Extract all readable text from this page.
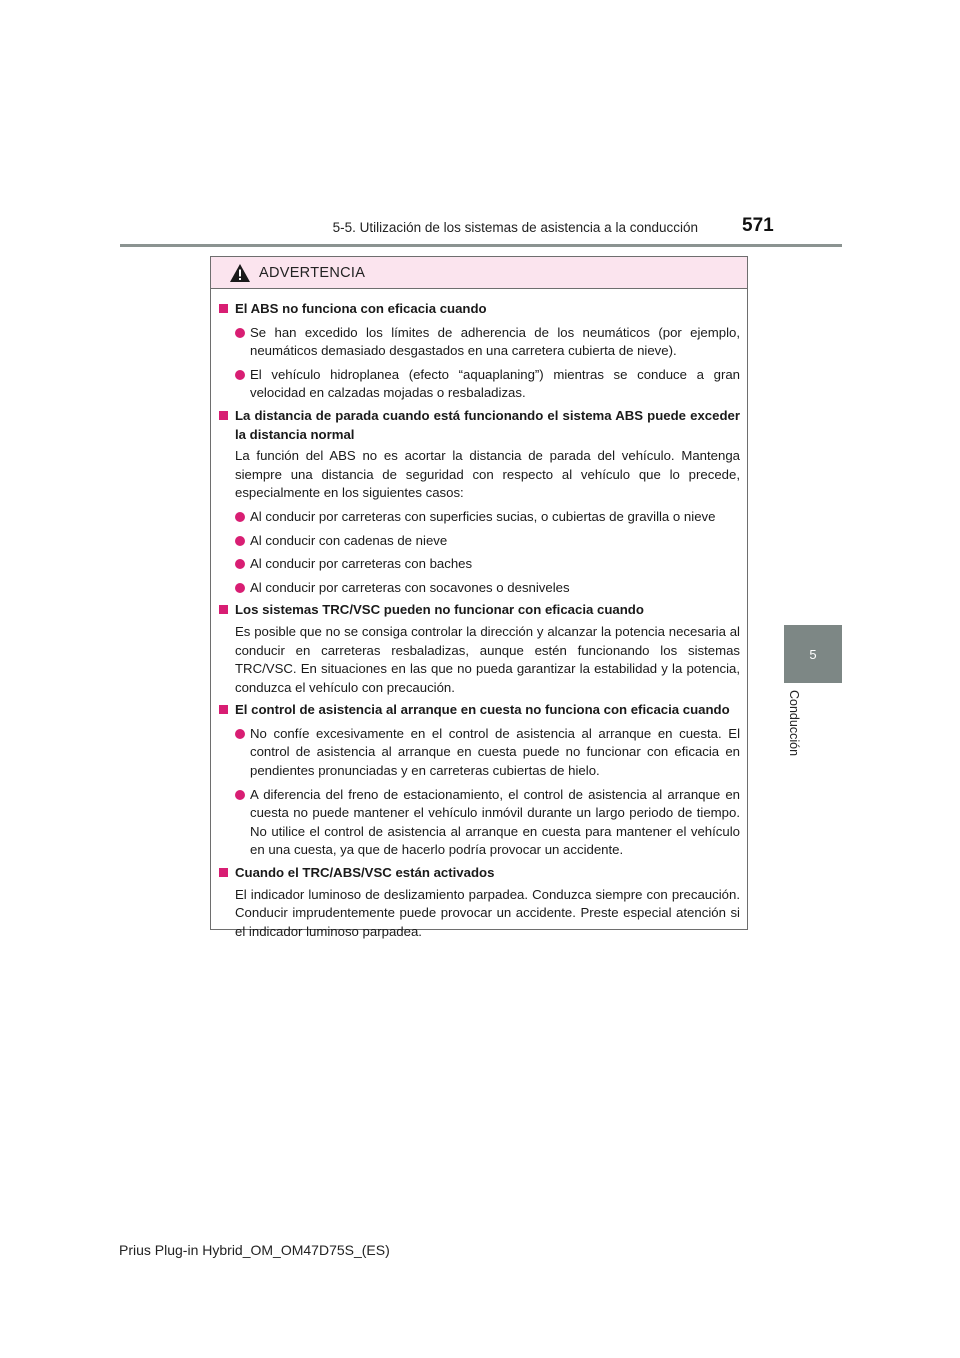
5-5. Utilización de los sistemas de asistencia a la conducción 571
5
Conducción
ADVERTENCIA
El ABS no funciona con eficacia cuando
Se han excedido los límites de adherencia de los neumáticos (por ejemplo, neumáticos demasiado desgastados en una carretera cubierta de nieve).
El vehículo hidroplanea (efecto “aquaplaning”) mientras se conduce a gran velocidad en calzadas mojadas o resbaladizas.
La distancia de parada cuando está funcionando el sistema ABS puede exceder la distancia normal
La función del ABS no es acortar la distancia de parada del vehículo. Mantenga siempre una distancia de seguridad con respecto al vehículo que lo precede, especialmente en los siguientes casos:
Al conducir por carreteras con superficies sucias, o cubiertas de gravilla o nieve
Al conducir con cadenas de nieve
Al conducir por carreteras con baches
Al conducir por carreteras con socavones o desniveles
Los sistemas TRC/VSC pueden no funcionar con eficacia cuando
Es posible que no se consiga controlar la dirección y alcanzar la potencia necesaria al conducir en carreteras resbaladizas, aunque estén funcionando los sistemas TRC/VSC. En situaciones en las que no pueda garantizar la estabilidad y la potencia, conduzca el vehículo con precaución.
El control de asistencia al arranque en cuesta no funciona con eficacia cuando
No confíe excesivamente en el control de asistencia al arranque en cuesta. El control de asistencia al arranque en cuesta puede no funcionar con eficacia en pendientes pronunciadas y en carreteras cubiertas de hielo.
A diferencia del freno de estacionamiento, el control de asistencia al arranque en cuesta no puede mantener el vehículo inmóvil durante un largo periodo de tiempo. No utilice el control de asistencia al arranque en cuesta para mantener el vehículo en una cuesta, ya que de hacerlo podría provocar un accidente.
Cuando el TRC/ABS/VSC están activados
El indicador luminoso de deslizamiento parpadea. Conduzca siempre con precaución. Conducir imprudentemente puede provocar un accidente. Preste especial atención si el indicador luminoso parpadea.
Prius Plug-in Hybrid_OM_OM47D75S_(ES)
